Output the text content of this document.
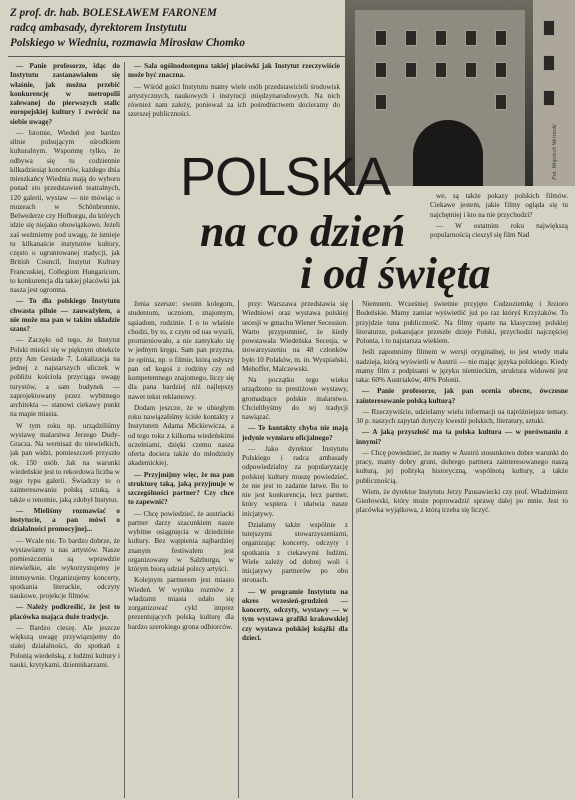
Z prof. dr. hab. BOLESŁAWEM FARONEM
radcą ambasady, dyrektorem Instytutu
Polskiego w Wiedniu, rozmawia Mirosław Chomko
Fot. Wojciech Wernicki

— Panie profesorze, idąc do Instytutu zastanawiałem się właśnie, jak można przebić konkurencję w metropolii zalewanej do pierwszych stalic europejskiej kultury i zwrócić na siebie uwagę?

— Istotnie, Wiedeń jest bardzo silnie pulsującym ośrodkiem kulturalnym. Wspomnę tylko, że odbywa się tu codziennie kilkadziesiąt koncertów, każdego dnia mieszkańcy Wiednia mają do wyboru ponad sto przedstawień teatralnych, 120 galerii, wystaw — nie mówiąc o muzeach w Schönbrunnie, Belwederze czy Hofburgu, do których idzie się niejako obowiązkowo. Jeżeli zaś weźmiemy pod uwagę, że istnieje tu kilkanaście instytutów kultury, często o ugruntowanej tradycji, jak British Council, Instytut Kultury Francuskiej, Collegium Hungaricum, to konkurencja dla takiej placówki jak nasza jest ogromna.

— To dla polskiego Instytutu chwasta pilnie — zauważyłem, a nie może ma pan w takim układzie szans?

— Zaczęło od tego, że Instytut Polski mieści się w pięknym obiekcie przy Am Gestade 7. Lokalizacja na jednej z najstarszych uliczek w pobliżu kościoła przyciąga uwagę turystów, a sam budynek — zaprojektowany przez wybitnego architekta — stanowi ciekawy punkt na mapie miasta.

W tym roku np. urządziliśmy wystawę malarstwa Jerzego Dudy-Gracza. Na wernisaż do niewielkich, jak pan widzi, pomieszczeń przyszło ok. 150 osób. Jak na warunki wiedeńskie jest to rekordowa liczba w tego typu galerii. Świadczy to o zainteresowaniu polską sztuką, a także o renomie, jaką zdobył Instytut.

— Mieliśmy rozmawiać o instytucie, a pan mówi o działalności promocyjnej...

— Wcale nie. To bardzo dobrze, że wystawiamy u nas artystów. Nasze pomieszczenia są wprawdzie niewielkie, ale wykorzystujemy je intensywnie. Organizujemy koncerty, spotkania literackie, odczyty naukowe, projekcje filmów.

— Należy podkreślić, że jest to placówka mająca duże tradycje.

— Bardzo cieszę. Ale jeszcze większą uwagę przywiązujemy do stałej działalności, do spotkań z Polonią wiedeńską, z ludźmi kultury i nauki, krytykami, dziennikarzami.

— Sala ogólnodostępna takiej placówki jak Instytut rzeczywiście może być znaczna.

— Wśród gości Instytutu mamy wiele osób przedstawicieli środowisk artystycznych, naukowych i instytucji międzynarodowych. Na nich również nam zależy, ponieważ za ich pośrednictwem docieramy do szerszej publiczności.

POLSKA
na co dzień
i od święta

ženia szersze: swoim kolegom, studentom, uczniom, znajomym, sąsiadom, rodzinie. I o to właśnie chodzi, by to, z czym od nas wyszli, promieniowało, a nie zamykało się w jednym kręgu. Sam pan przyzna, że opinia, np. o filmie, którą usłyszy pan od kogoś z rodziny czy od kompetentnego znajomego, liczy się dla pana bardziej niż najlepszy nawet tekst reklamowy.

Dodam jeszcze, że w ubiegłym roku nawiązaliśmy ścisłe kontakty z Instytutem Adama Mickiewicza, a od tego roku z kilkoma wiedeńskimi uczelniami, dzięki czemu nasza oferta dociera także do młodzieży akademickiej.

— Przyjmijmy więc, że ma pan strukturę taką, jaką przyjmuje w szczególności partner? Czy chce to zapewnić?

— Chcę powiedzieć, że austriacki partner darzy szacunkiem nasze wybitne osiągnięcia w dziedzinie kultury. Bez wątpienia najbardziej znanym festiwalem jest organizowany w Salzburgu, w którym biorą udział polscy artyści.

Kolejnym partnerem jest miasto Wiedeń. W wyniku rozmów z władzami miasta udało się zorganizować cykl imprez prezentujących polską kulturę dla bardzo szerokiego grona odbiorców.

przy: Warszawa przedstawia się Wiedniowi oraz wystawa polskiej secesji w gmachu Wiener Secession. Warto przypomnieć, że kiedy powstawała Wiedeńska Secesja, w stowarzyszeniu na 48 członków było 10 Polaków, m. in. Wyspiański, Mehoffer, Malczewski.

Na początku tego wieku urządzono tu prestiżowe wystawy, gromadzące polskie malarstwo. Chcielibyśmy do tej tradycji nawiązać.

— Te kontakty chyba nie mają jedynie wymiaru oficjalnego?

— Jako dyrektor Instytutu Polskiego i radca ambasady odpowiedzialny za popularyzację polskiej kultury muszę powiedzieć, że nie jest to zadanie łatwe. Bo to nie jest konkurencja, lecz partner, który wspiera i ułatwia nasze inicjatywy.

Działamy także wspólnie z tutejszymi stowarzyszeniami, organizując koncerty, odczyty i spotkania z ciekawymi ludźmi. Wiele zależy od dobrej woli i inicjatywy partnerów po obu stronach.

— W programie Instytutu na okres wrzesień-grudzień — koncerty, odczyty, wystawy — w tym wystawa grafiki krakowskiej czy wystawa polskiej książki dla dzieci.

Niemnem. Wcześniej świetnie przyjęto Cudzoziemkę i Jezioro Bodeńskie. Mamy zamiar wyświetlić już po raz któryś Krzyżaków. To przyjdzie tuna publiczność. Na filmy oparte na klasycznej polskiej literaturze, pokazujące przeszłe dzieje Polski, przychodzi najczęściej Polonia, i to najstarsza wiekiem.

Jeśli zapomnimy filmem w wersji oryginalnej, to jest wtedy mała nadzieja, którą wyświetli w Austrii — nie mając języka polskiego. Kiedy mamy film z podpisami w języku niemieckim, struktura widowni jest taka: 60% Austriaków, 40% Polonii.

— Panie profesorze, jak pan ocenia obecne, ówczesne zainteresowanie polską kulturą?

— Rzeczywiście, udzielamy wielu informacji na najróżniejsze tematy. 30 p. naszych zapytań dotyczy kwestii polskich, literatury, sztuki.

— A jaką przyszłość ma ta polska kultura — w porównaniu z innymi?

— Chcę powiedzieć, że mamy w Austrii stosunkowo dobre warunki do pracy, mamy dobry grunt, dobrego partnera zainteresowanego naszą kulturą, jej polityką historyczną, wspólnotą kultury, a także publicznością.

Wiem, że dyrektor Instytutu Jerzy Pausawiecki czy prof. Władzimierz Gierłowski, który może poprowadzić sprawę dalej po mnie. Jest to placówka wyjątkowa, z którą trzeba się liczyć.

we, są także pokazy polskich filmów. Ciekawe jestem, jakie filmy ogląda się tu najchętniej i kto na nie przychodzi?

— W ostatnim roku największą popularnością cieszył się film Nad
